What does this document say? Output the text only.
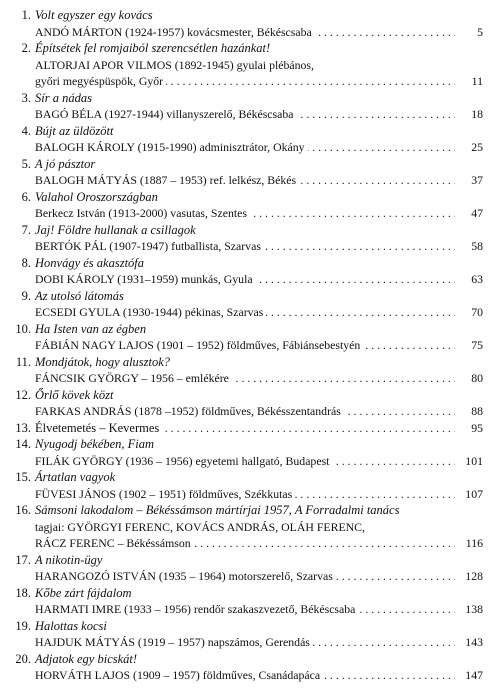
1. Volt egyszer egy kovács
. . .
ANDÓ MÁRTON (1924-1957) kovácsmester, Békéscsaba	5
2. Építsétek fel romjaiból szerencsétlen hazánkat!
ALTORJAI APOR VILMOS (1892-1945) gyulai plébános,
. . .
győri megyéspüspök, Győr	11
3. Sír a nádas
. . .
BAGÓ BÉLA (1927-1944) villanyszerelő, Békéscsaba	18
4. Bújt az üldözött
. . .
BALOGH KÁROLY (1915-1990) adminisztrátor, Okány	25
5. A jó pásztor
. . .
BALOGH MÁTYÁS (1887 – 1953) ref. lelkész, Békés	37
6. Valahol Oroszországban
. . .
Berkecz István (1913-2000) vasutas, Szentes	47
7. Jaj! Földre hullanak a csillagok
. . .
BERTÓK PÁL (1907-1947) futballista, Szarvas	58
8. Honvágy és akasztófa
. . .
DOBI KÁROLY (1931–1959) munkás, Gyula	63
9. Az utolsó látomás
. . .
ECSEDI GYULA (1930-1944) pékinas, Szarvas	70
10. Ha Isten van az égben
. . .
FÁBIÁN NAGY LAJOS (1901 – 1952) földműves, Fábiánsebestyén	75
11. Mondjátok, hogy alusztok?
. . .
FÁNCSIK GYÖRGY – 1956 – emlékére	80
12. Őrlő kövek közt
. . .
FARKAS ANDRÁS (1878 –1952) földműves, Békésszentandrás	88
13. . . . Élvetemetés – Kevermes	95
14. Nyugodj békében, Fiam
. . .
FILÁK GYÖRGY (1936 – 1956) egyetemi hallgató, Budapest	101
15. Ártatlan vagyok
. . .
FÜVESI JÁNOS (1902 – 1951) földműves, Székkutas	107
16. Sámsoni lakodalom – Békéssámson mártírjai 1957, A Forradalmi tanács
tagjai: GYÖRGYI FERENC, KOVÁCS ANDRÁS, OLÁH FERENC,
. . .
RÁCZ FERENC – Békéssámson	116
17. A nikotin-ügy
. . .
HARANGOZÓ ISTVÁN (1935 – 1964) motorszerelő, Szarvas	128
18. Kőbe zárt fájdalom
. . .
HARMATI IMRE (1933 – 1956) rendőr szakaszvezető, Békéscsaba	138
19. Halottas kocsi
. . .
HAJDUK MÁTYÁS (1919 – 1957) napszámos, Gerendás	143
20. Adjatok egy bicskát!
. . .
HORVÁTH LAJOS (1909 – 1957) földműves, Csanádapáca	147
